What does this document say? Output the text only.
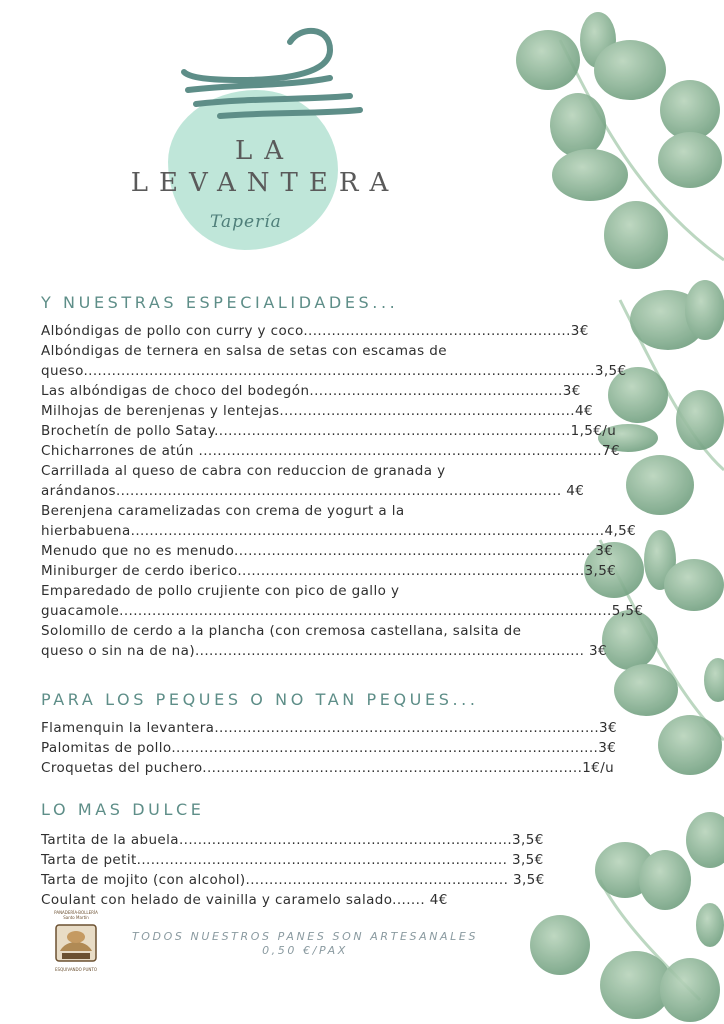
LA
LEVANTERA
Tapería
Y NUESTRAS ESPECIALIDADES...
Albóndigas de pollo con curry y coco.........................................................3€
Albóndigas de ternera en salsa de setas con escamas de
queso.............................................................................................................3,5€
Las albóndigas de choco del bodegón......................................................3€
Milhojas de berenjenas y lentejas...............................................................4€
Brochetín de pollo Satay............................................................................1,5€/u
Chicharrones de atún ......................................................................................7€
Carrillada al queso de cabra con reduccion de granada y
arándanos............................................................................................... 4€
Berenjena caramelizadas con crema de yogurt a la
hierbabuena.....................................................................................................4,5€
Menudo que no es menudo............................................................................ 3€
Miniburger de cerdo iberico..........................................................................3,5€
Emparedado de pollo crujiente con pico de gallo y
guacamole.........................................................................................................5,5€
Solomillo de cerdo a la plancha (con cremosa castellana, salsita de
queso o sin na de na)................................................................................... 3€
PARA LOS PEQUES O NO TAN PEQUES...
Flamenquin la levantera..................................................................................3€
Palomitas de pollo...........................................................................................3€
Croquetas del puchero.................................................................................1€/u
LO MAS DULCE
Tartita de la abuela.......................................................................3,5€
Tarta de petit............................................................................... 3,5€
Tarta de mojito (con alcohol)........................................................ 3,5€
Coulant con helado de vainilla y caramelo salado....... 4€
PANADERÍA-BOLLERÍA
Santo Martín
ESQUIVANDO PUNTO
TODOS NUESTROS PANES SON ARTESANALES
0,50 €/PAX
